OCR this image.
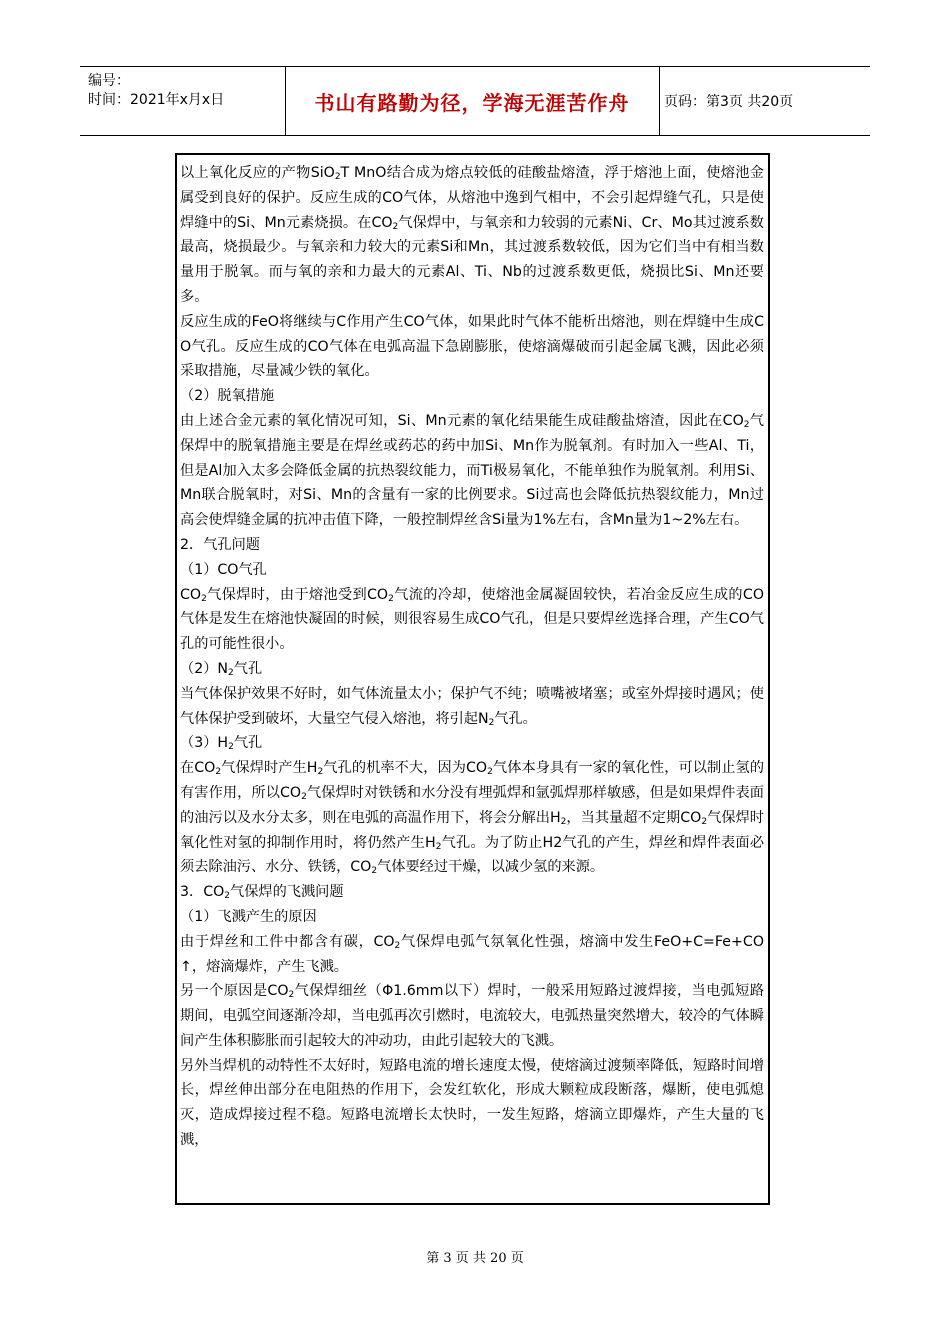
编号：
时间：2021年x月x日	书山有路勤为径，学海无涯苦作舟	页码：第3页 共20页

以上氧化反应的产物SiO$_2$T MnO结合成为熔点较低的硅酸盐熔渣，浮于熔池上面，使熔池金属受到良好的保护。反应生成的CO气体，从熔池中逸到气相中，不会引起焊缝气孔，只是使焊缝中的Si、Mn元素烧损。在$CO_2$气保焊中，与氧亲和力较弱的元素Ni、Cr、Mo其过渡系数最高，烧损最少。与氧亲和力较大的元素Si和Mn，其过渡系数较低，因为它们当中有相当数量用于脱氧。而与氧的亲和力最大的元素Al、Ti、Nb的过渡系数更低，烧损比Si、Mn还要多。

反应生成的FeO将继续与C作用产生CO气体，如果此时气体不能析出熔池，则在焊缝中生成CO气孔。反应生成的CO气体在电弧高温下急剧膨胀，使熔滴爆破而引起金属飞溅，因此必须采取措施，尽量减少铁的氧化。

（2）脱氧措施

由上述合金元素的氧化情况可知，Si、Mn元素的氧化结果能生成硅酸盐熔渣，因此在$CO_2$气保焊中的脱氧措施主要是在焊丝或药芯的药中加Si、Mn作为脱氧剂。有时加入一些Al、Ti，但是Al加入太多会降低金属的抗热裂纹能力，而Ti极易氧化，不能单独作为脱氧剂。利用Si、Mn联合脱氧时，对Si、Mn的含量有一家的比例要求。Si过高也会降低抗热裂纹能力，Mn过高会使焊缝金属的抗冲击值下降，一般控制焊丝含Si量为1%左右，含Mn量为1~2%左右。

2．气孔问题

（1）CO气孔

$CO_2$气保焊时，由于熔池受到$CO_2$气流的冷却，使熔池金属凝固较快，若冶金反应生成的CO气体是发生在熔池快凝固的时候，则很容易生成CO气孔，但是只要焊丝选择合理，产生CO气孔的可能性很小。

$(2)N_2$气孔

当气体保护效果不好时，如气体流量太小；保护气不纯；喷嘴被堵塞；或室外焊接时遇风；使气体保护受到破坏，大量空气侵入熔池，将引起$N_2$气孔。

$(3)H_2$气孔

在$CO_2$气保焊时产生$H_2$气孔的机率不大，因为$CO_2$气体本身具有一家的氧化性，可以制止氢的有害作用，所以$CO_2$气保焊时对铁锈和水分没有埋弧焊和氩弧焊那样敏感，但是如果焊件表面的油污以及水分太多，则在电弧的高温作用下，将会分解出$H_2$，当其量超不定期$CO_2$气保焊时氧化性对氢的抑制作用时，将仍然产生$H_2$气孔。为了防止H2气孔的产生，焊丝和焊件表面必须去除油污、水分、铁锈，$CO_2$气体要经过干燥，以减少氢的来源。

3．$CO_2$气保焊的飞溅问题

（1）飞溅产生的原因

由于焊丝和工件中都含有碳，$CO_2$气保焊电弧气氛氧化性强，熔滴中发生FeO+C=Fe+CO↑，熔滴爆炸，产生飞溅。

另一个原因是$CO_2$气保焊细丝（Φ1.6mm以下）焊时，一般采用短路过渡焊接，当电弧短路期间，电弧空间逐渐冷却，当电弧再次引燃时，电流较大，电弧热量突然增大，较冷的气体瞬间产生体积膨胀而引起较大的冲动功，由此引起较大的飞溅。

另外当焊机的动特性不太好时，短路电流的增长速度太慢，使熔滴过渡频率降低，短路时间增长，焊丝伸出部分在电阻热的作用下，会发红软化，形成大颗粒成段断落，爆断，使电弧熄灭，造成焊接过程不稳。短路电流增长太快时，一发生短路，熔滴立即爆炸，产生大量的飞溅，

第 3 页 共 20 页
